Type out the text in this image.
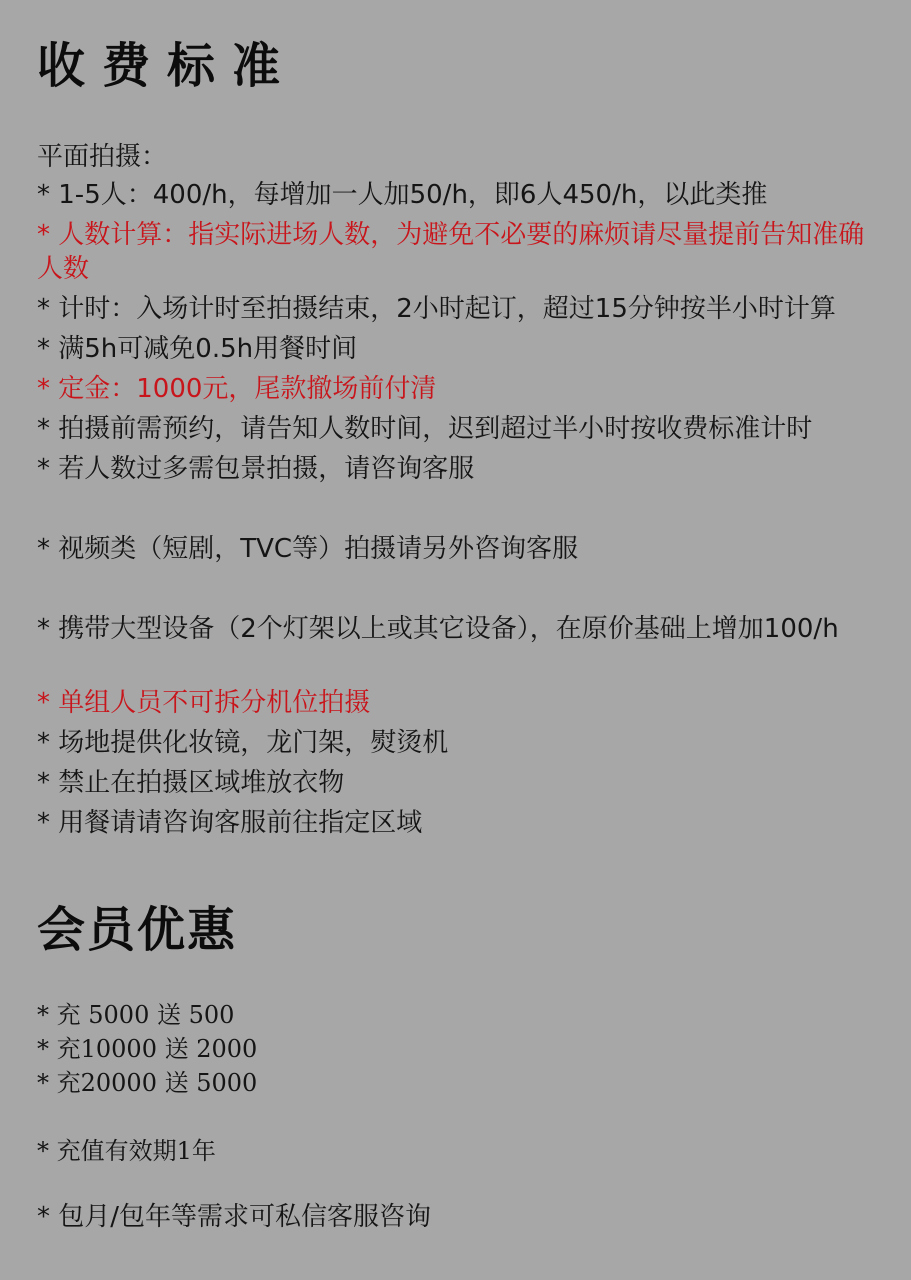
收费标准
平面拍摄：
* 1-5人：400/h，每增加一人加50/h，即6人450/h，以此类推
* 人数计算：指实际进场人数，为避免不必要的麻烦请尽量提前告知准确人数
* 计时：入场计时至拍摄结束，2小时起订，超过15分钟按半小时计算
* 满5h可减免0.5h用餐时间
* 定金：1000元，尾款撤场前付清
* 拍摄前需预约，请告知人数时间，迟到超过半小时按收费标准计时
* 若人数过多需包景拍摄，请咨询客服
* 视频类（短剧，TVC等）拍摄请另外咨询客服
* 携带大型设备（2个灯架以上或其它设备），在原价基础上增加100/h
* 单组人员不可拆分机位拍摄
* 场地提供化妆镜，龙门架，熨烫机
* 禁止在拍摄区域堆放衣物
* 用餐请请咨询客服前往指定区域
会员优惠
* 充 5000 送 500
* 充10000 送 2000
* 充20000 送 5000
* 充值有效期1年
* 包月/包年等需求可私信客服咨询
